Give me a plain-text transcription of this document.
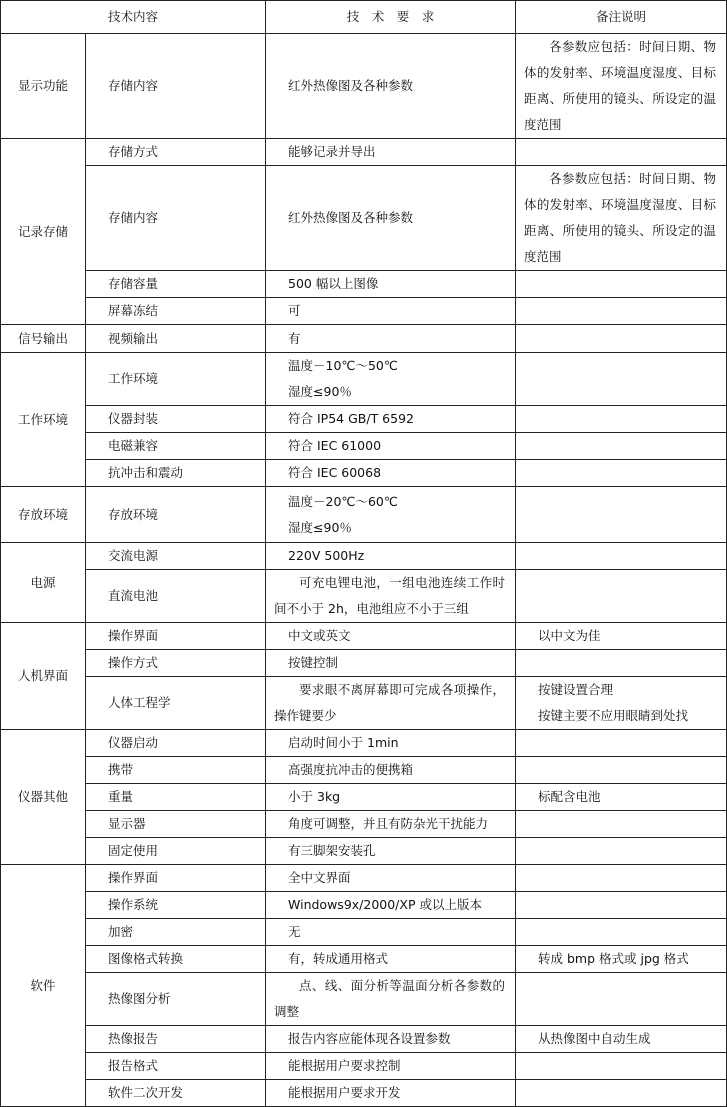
技术内容		技　术　要　求	备注说明
显示功能	存储内容	红外热像图及各种参数	各参数应包括：时间日期、物体的发射率、环境温度湿度、目标距离、所使用的镜头、所设定的温度范围
记录存储	存储方式	能够记录并导出	
	存储内容	红外热像图及各种参数	各参数应包括：时间日期、物体的发射率、环境温度湿度、目标距离、所使用的镜头、所设定的温度范围
	存储容量	500 幅以上图像	
	屏幕冻结	可	
信号输出	视频输出	有	
工作环境	工作环境	温度－10℃～50℃
湿度≤90％	
	仪器封装	符合 IP54 GB/T 6592	
	电磁兼容	符合 IEC 61000	
	抗冲击和震动	符合 IEC 60068	
存放环境	存放环境	温度－20℃～60℃
湿度≤90％	
电源	交流电源	220V 500Hz	
	直流电池	可充电锂电池，一组电池连续工作时间不小于 2h，电池组应不小于三组	
人机界面	操作界面	中文或英文	以中文为佳
	操作方式	按键控制	
	人体工程学	要求眼不离屏幕即可完成各项操作，操作键要少	按键设置合理
按键主要不应用眼睛到处找
仪器其他	仪器启动	启动时间小于 1min	
	携带	高强度抗冲击的便携箱	
	重量	小于 3kg	标配含电池
	显示器	角度可调整，并且有防杂光干扰能力	
	固定使用	有三脚架安装孔	
软件	操作界面	全中文界面	
	操作系统	Windows9x/2000/XP 或以上版本	
	加密	无	
	图像格式转换	有，转成通用格式	转成 bmp 格式或 jpg 格式
	热像图分析	点、线、面分析等温面分析各参数的调整	
	热像报告	报告内容应能体现各设置参数	从热像图中自动生成
	报告格式	能根据用户要求控制	
	软件二次开发	能根据用户要求开发	
